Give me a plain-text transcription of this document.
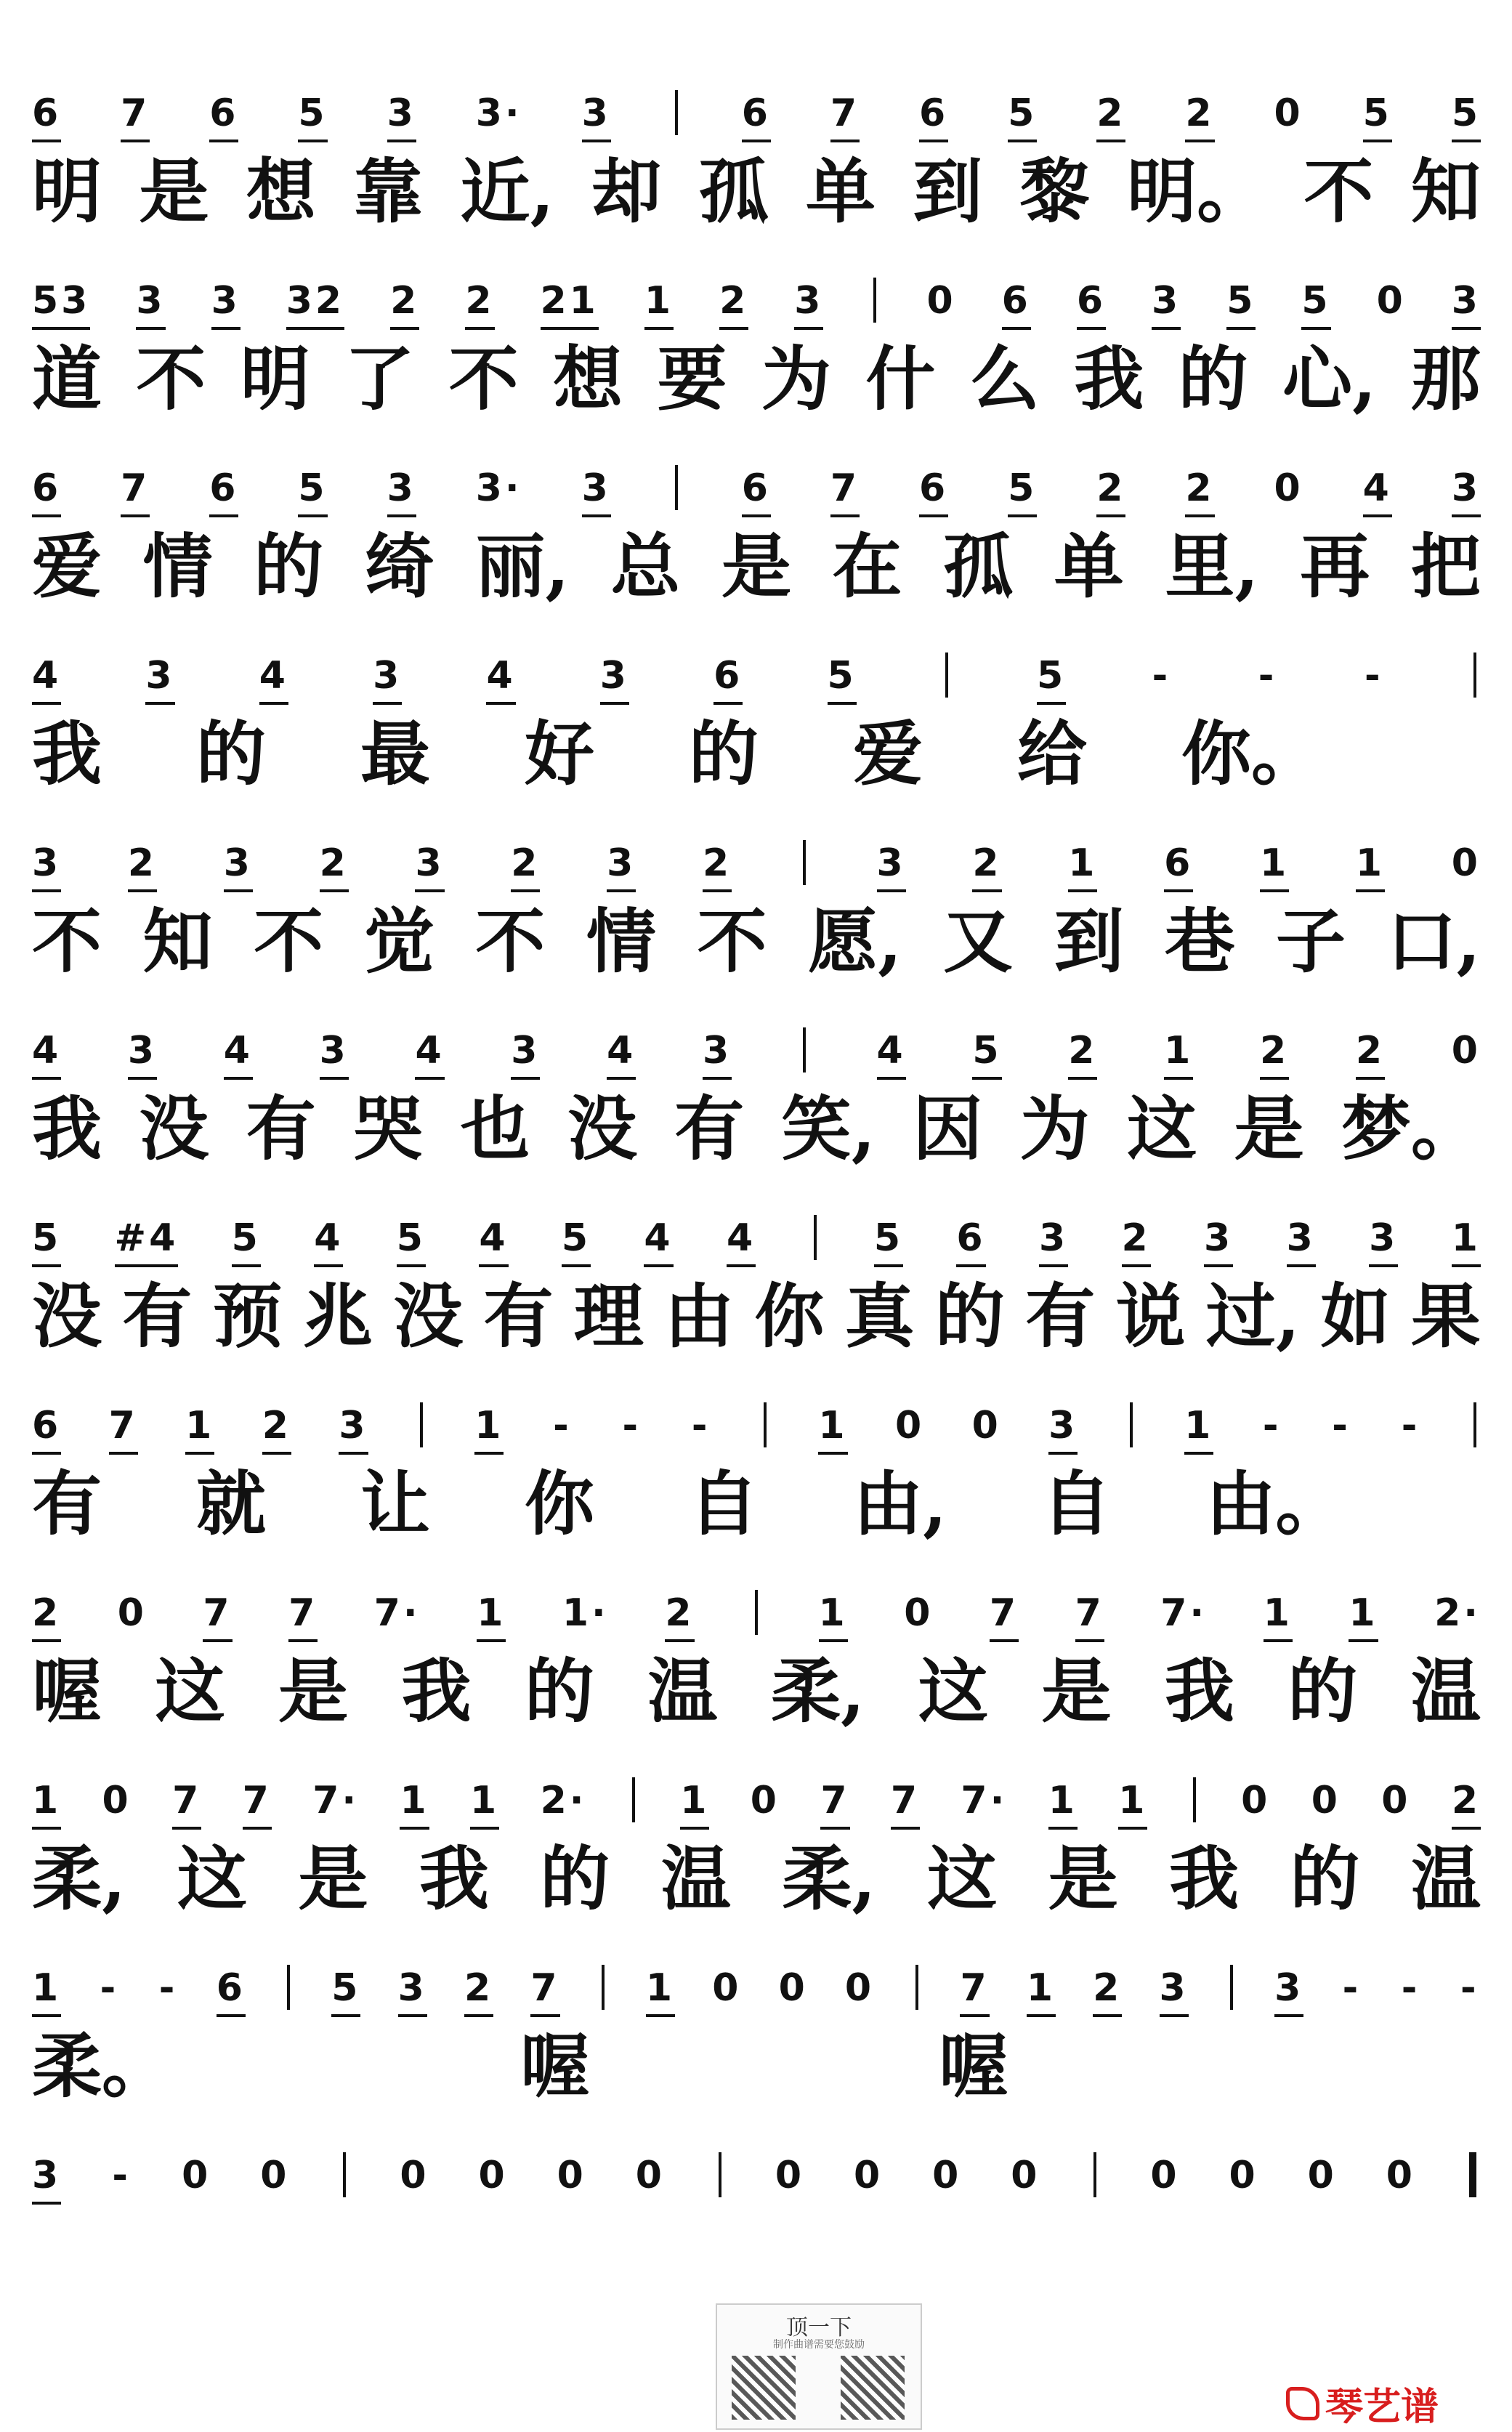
6 7 6 5 3 3· 3	6 7 6 5 2 2 0 5 5
明 是 想 靠 近, 却 孤 单 到 黎 明。 不 知
53 3 3 32 2 2 21 1 2 3	0 6 6 3 5 5 0 3
道 不 明 了 不 想 要 为 什 么 我 的 心, 那
6 7 6 5 3 3· 3	6 7 6 5 2 2 0 4 3
爱 情 的 绮 丽, 总 是 在 孤 单 里, 再 把
4 3 4 3 4 3 6 5	5 - - -
我 的 最 好 的 爱 给 你。
3 2 3 2 3 2 3 2	3 2 1 6 1 1 0
不 知 不 觉 不 情 不 愿, 又 到 巷 子 口,
4 3 4 3 4 3 4 3	4 5 2 1 2 2 0
我 没 有 哭 也 没 有 笑, 因 为 这 是 梦。
5 #4 5 4 5 4 5 4 4	5 6 3 2 3 3 3 1
没 有 预 兆 没 有 理 由 你 真 的 有 说 过, 如 果
6 7 1 2 3	1 - - -	1 0 0 3	1 - - -
有 就 让 你 自 由, 自 由。
2 0 7 7 7· 1 1· 2	1 0 7 7 7· 1 1 2·
喔 这 是 我 的 温 柔, 这 是 我 的 温
1 0 7 7 7· 1 1 2· 1 0 7 7 7· 1 1 0 0 0 2
柔, 这 是 我 的 温 柔, 这 是 我 的 温
1 - - 6 5 3 2 7 1 0 0 0 7 1 2 3 3 - - -
柔。	喔	喔
3 - 0 0	0 0 0 0	0 0 0 0	0 0 0 0
顶一下
制作曲谱需要您鼓励
琴艺谱
